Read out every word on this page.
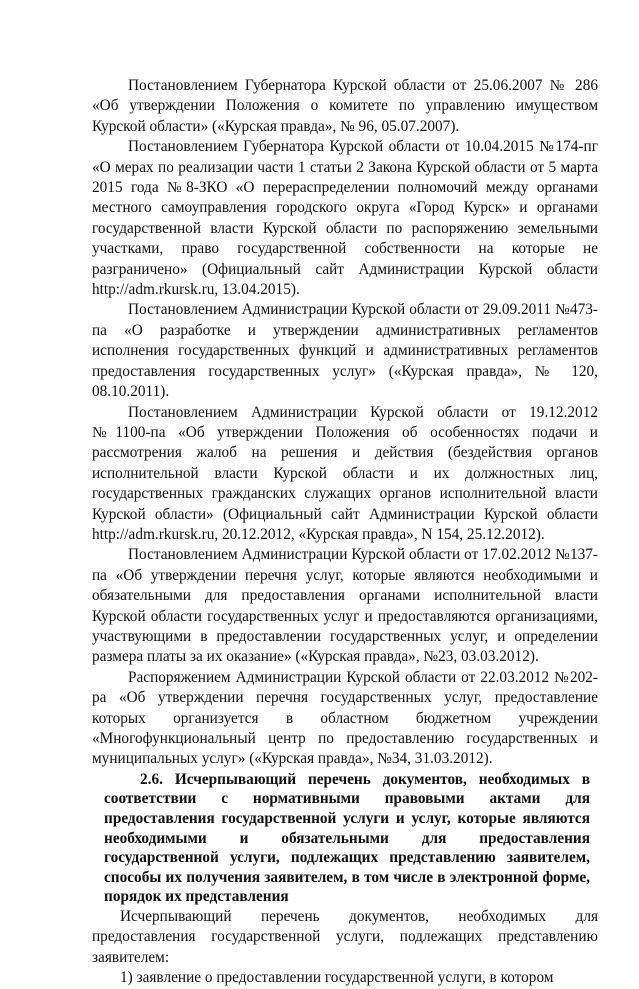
Постановлением Губернатора Курской области от 25.06.2007 № 286 «Об утверждении Положения о комитете по управлению имуществом Курской области» («Курская правда», № 96, 05.07.2007).

Постановлением Губернатора Курской области от 10.04.2015 №174-пг «О мерах по реализации части 1 статьи 2 Закона Курской области от 5 марта 2015 года №8-ЗКО «О перераспределении полномочий между органами местного самоуправления городского округа «Город Курск» и органами государственной власти Курской области по распоряжению земельными участками, право государственной собственности на которые не разграничено» (Официальный сайт Администрации Курской области http://adm.rkursk.ru, 13.04.2015).

Постановлением Администрации Курской области от 29.09.2011 №473-па «О разработке и утверждении административных регламентов исполнения государственных функций и административных регламентов предоставления государственных услуг» («Курская правда», № 120, 08.10.2011).

Постановлением Администрации Курской области от 19.12.2012 №1100-па «Об утверждении Положения об особенностях подачи и рассмотрения жалоб на решения и действия (бездействия органов исполнительной власти Курской области и их должностных лиц, государственных гражданских служащих органов исполнительной власти Курской области» (Официальный сайт Администрации Курской области http://adm.rkursk.ru, 20.12.2012, «Курская правда», N 154, 25.12.2012).

Постановлением Администрации Курской области от 17.02.2012 №137-па «Об утверждении перечня услуг, которые являются необходимыми и обязательными для предоставления органами исполнительной власти Курской области государственных услуг и предоставляются организациями, участвующими в предоставлении государственных услуг, и определении размера платы за их оказание» («Курская правда», №23, 03.03.2012).

Распоряжением Администрации Курской области от 22.03.2012 №202-ра «Об утверждении перечня государственных услуг, предоставление которых организуется в областном бюджетном учреждении «Многофункциональный центр по предоставлению государственных и муниципальных услуг» («Курская правда», №34, 31.03.2012).

2.6. Исчерпывающий перечень документов, необходимых в соответствии с нормативными правовыми актами для предоставления государственной услуги и услуг, которые являются необходимыми и обязательными для предоставления государственной услуги, подлежащих представлению заявителем, способы их получения заявителем, в том числе в электронной форме, порядок их представления

Исчерпывающий перечень документов, необходимых для предоставления государственной услуги, подлежащих представлению заявителем:

1) заявление о предоставлении государственной услуги, в котором
